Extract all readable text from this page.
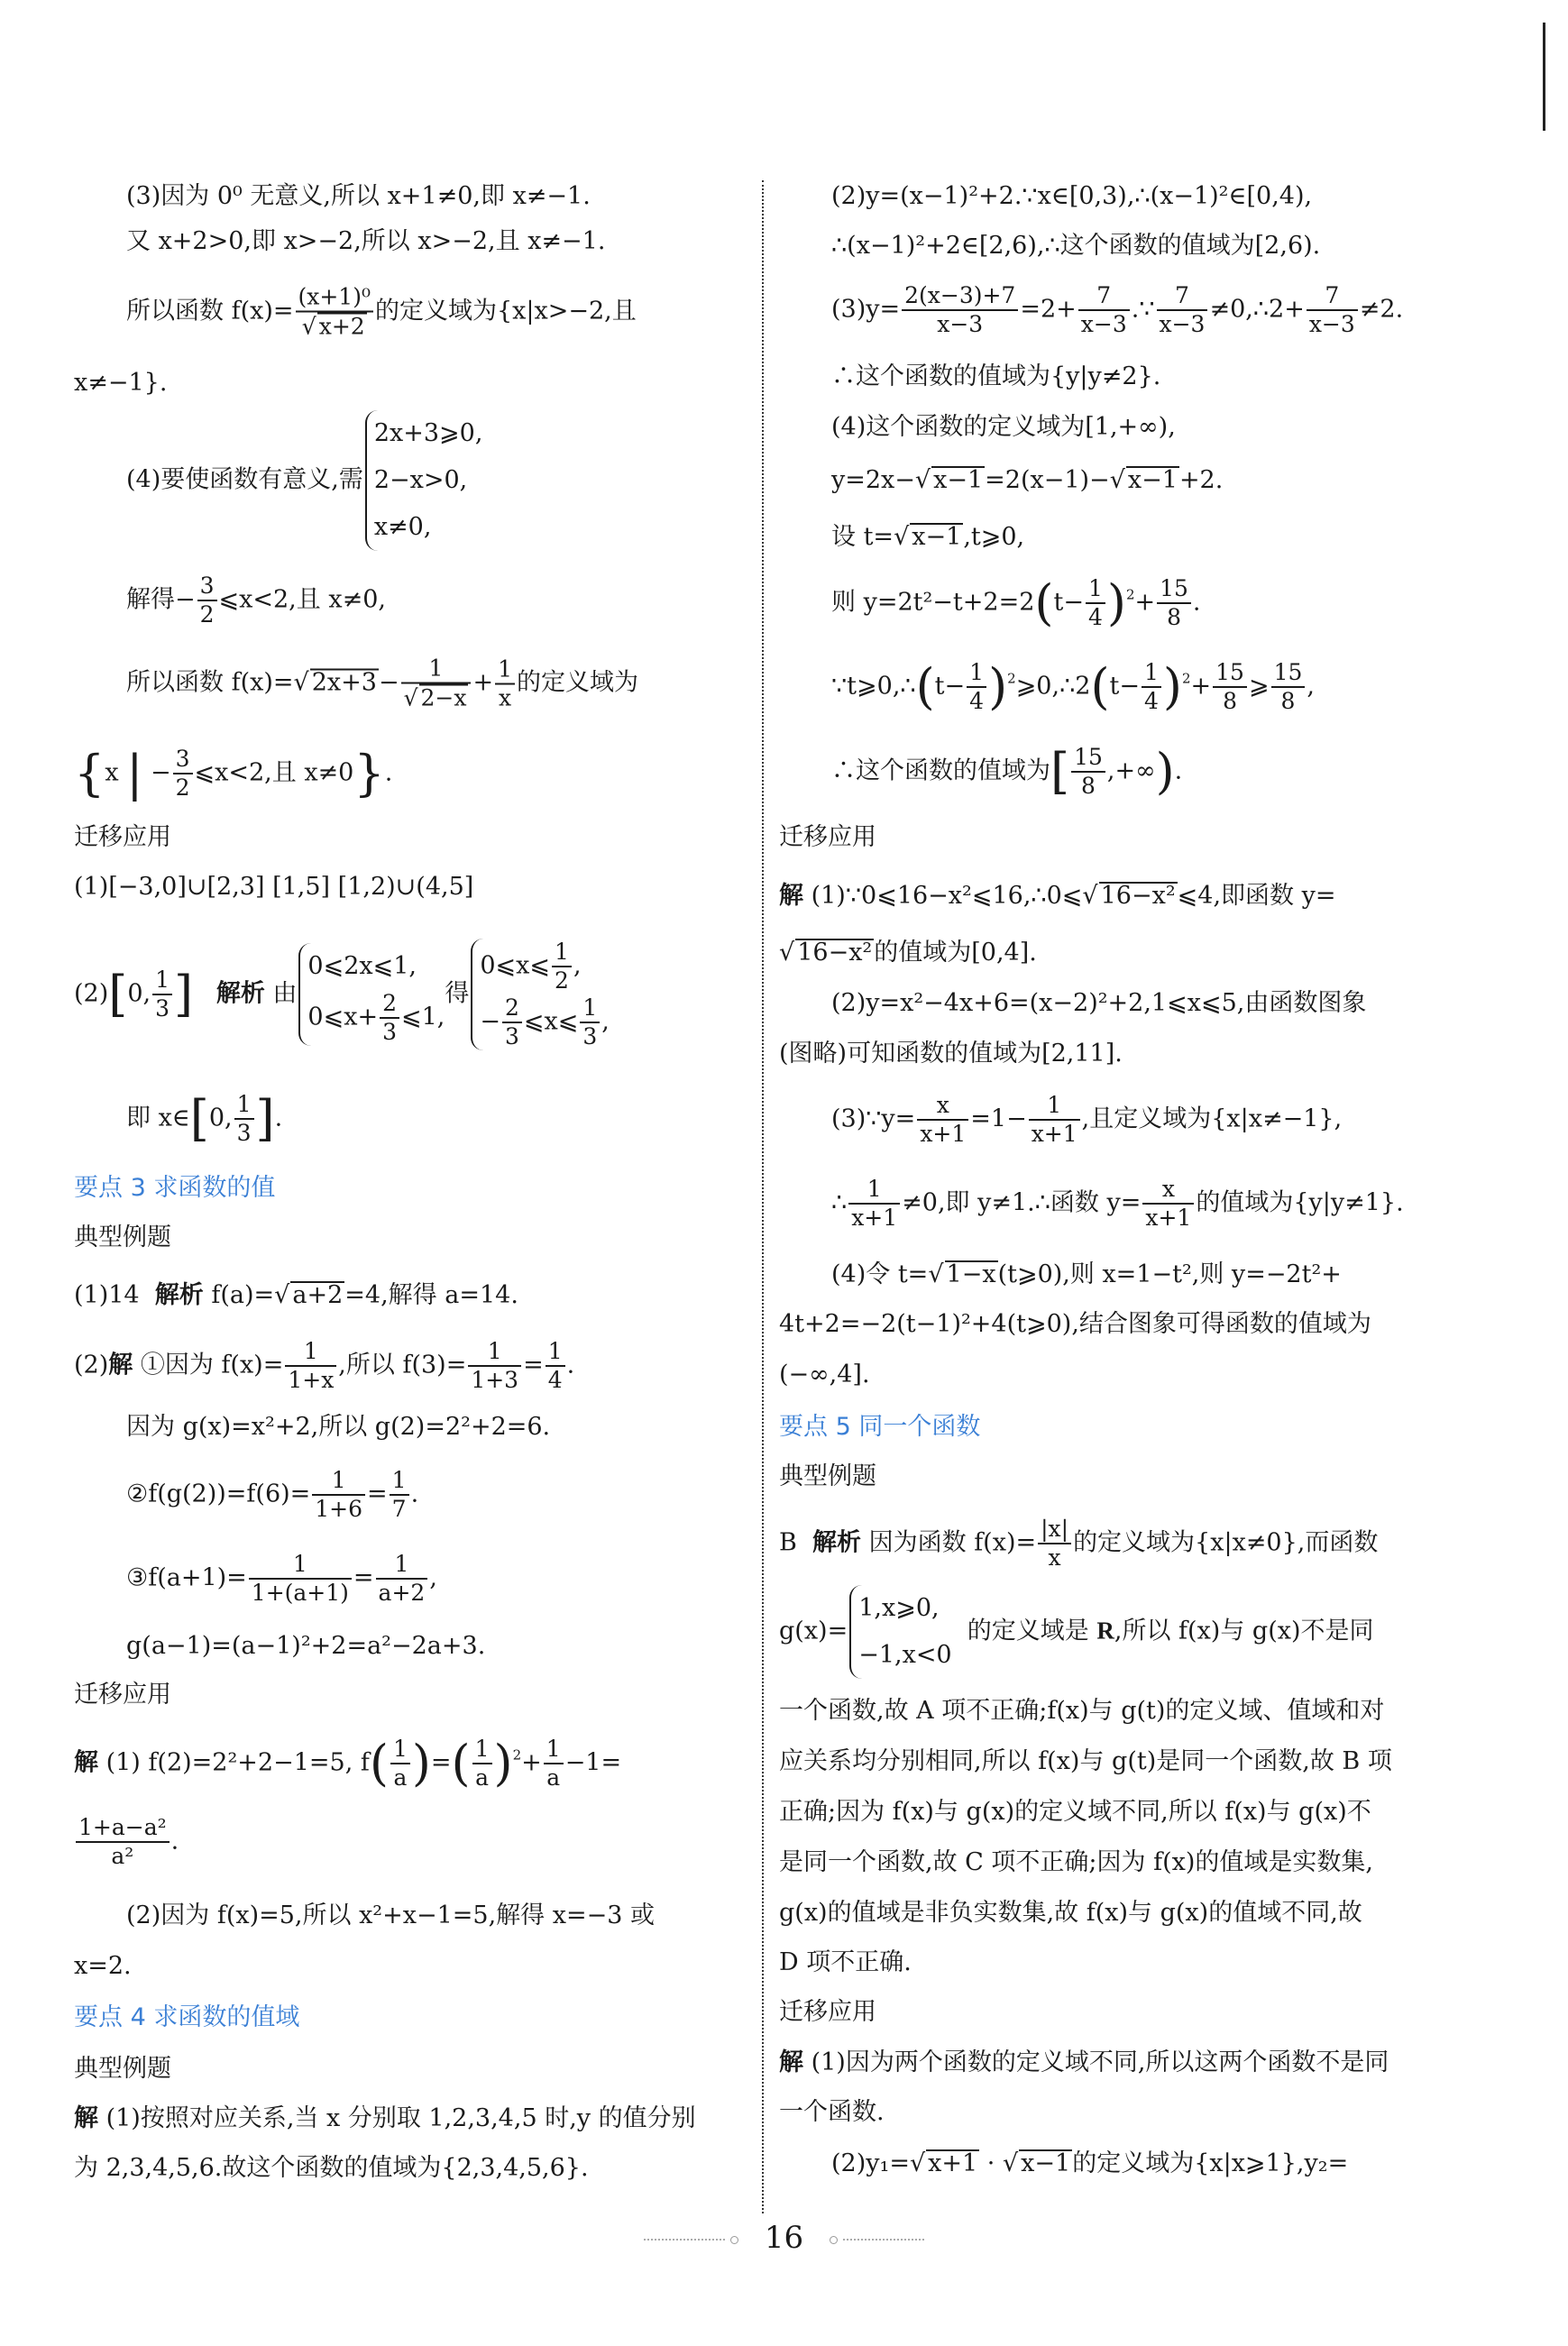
(3)因为 0⁰ 无意义,所以 x+1≠0,即 x≠−1.
又 x+2>0,即 x>−2,所以 x>−2,且 x≠−1.
所以函数 $f(x)= \frac{\text{(x+1)⁰}}{√ x+2}$ 的定义域为{x|x>−2,且
x≠−1}.
(4)要使函数有意义,需
2x+3⩾0,
2−x>0,
x≠0,
解得− $\frac{3}{2}$ ⩽x<2,且 x≠0,
所以函数 f(x)=√ $2x+3- \frac{1}{√ 2-x} + \frac{1}{x}$ 的定义域为
{x | − $\frac{3}{2}$ ⩽x<2,且 x≠0}.
迁移应用
(1)[−3,0]∪[2,3] [1,5] [1,2)∪(4,5]
(2)[0, $\frac{1}{3}$ ] 解析 由
0⩽2x⩽1,
0⩽x+ $\frac{2}{3}$ ⩽1,
得
0⩽x⩽ $\frac{1}{2}$ ,
− $\frac{2}{3}$ ⩽x⩽ $\frac{1}{3}$ ,
即 x∈[0, $\frac{1}{3}$ ].
要点 3 求函数的值
典型例题
(1)14 解析 f(a)=√ a+2=4,解得 a=14.
(2)解 ①因为 $f(x)= \frac{1}{1+x}$ ,所以 $f(3)= \frac{1}{1+3} = \frac{1}{4}$ .
因为 g(x)=x²+2,所以 g(2)=2²+2=6.
②f(g(2))=f(6)= $\frac{1}{1+6} = \frac{1}{7}$ .
③f(a+1)= $\frac{1}{1+(a+1)} = \frac{1}{a+2}$ ,
g(a−1)=(a−1)²+2=a²−2a+3.
迁移应用
解 (1) f(2)=2²+2−1=5, $f( \frac{1}{a}$ )=( $\frac{1}{a} )^2+ \frac{1}{a} -1=$
$\frac{\text{1+a−a²}}{\text{a²}}$ .
(2)因为 f(x)=5,所以 x²+x−1=5,解得 x=−3 或
x=2.
要点 4 求函数的值域
典型例题
解 (1)按照对应关系,当 x 分别取 1,2,3,4,5 时,y 的值分别
为 2,3,4,5,6.故这个函数的值域为{2,3,4,5,6}.
(2)y=(x−1)²+2.∵x∈[0,3),∴(x−1)²∈[0,4),
∴(x−1)²+2∈[2,6),∴这个函数的值域为[2,6).
$(3)y= \frac{2(x-3)+7}{x-3} =2+ \frac{7}{x-3}$ .∵ $\frac{7}{x-3}$ ≠0,∴2+ $\frac{7}{x-3} \ne 2$.
∴这个函数的值域为{y|y≠2}.
(4)这个函数的定义域为[1,+∞),
y=2x−√ x−1=2(x−1)−√ x−1+2.
设 t=√ x−1,t⩾0,
则 $y=2t^2-t+2=2(t- \frac{1}{4} )^2+ \frac{15}{8}$ .
∵t⩾0,∴(t− $\frac{1}{4}$ )$^2$⩾0,∴2(t− $\frac{1}{4} )^2+ \frac{15}{8}$ ⩾ $\frac{15}{8}$ ,
∴这个函数的值域为[ $\frac{15}{8}$ ,+∞).
迁移应用
解 (1)∵0⩽16−x²⩽16,∴0⩽√ 16−x²⩽4,即函数 y=
√ 16−x²的值域为[0,4].
(2)y=x²−4x+6=(x−2)²+2,1⩽x⩽5,由函数图象
(图略)可知函数的值域为[2,11].
(3)∵y= $\frac{x}{x+1} =1- \frac{1}{x+1}$ ,且定义域为{x|x≠−1},
∴ $\frac{1}{x+1} \ne 0$,即 y≠1.∴函数 $y= \frac{x}{x+1}$ 的值域为{y|y≠1}.
(4)令 t=√ 1−x(t⩾0),则 x=1−t²,则 y=−2t²+
4t+2=−2(t−1)²+4(t⩾0),结合图象可得函数的值域为
(−∞,4].
要点 5 同一个函数
典型例题
B 解析 因为函数 $f(x)= \frac{|x|}{x}$ 的定义域为{x|x≠0},而函数
g(x)=
1,x⩾0,
−1,x<0
的定义域是 R,所以 f(x)与 g(x)不是同
一个函数,故 A 项不正确;f(x)与 g(t)的定义域、值域和对
应关系均分别相同,所以 f(x)与 g(t)是同一个函数,故 B 项
正确;因为 f(x)与 g(x)的定义域不同,所以 f(x)与 g(x)不
是同一个函数,故 C 项不正确;因为 f(x)的值域是实数集,
g(x)的值域是非负实数集,故 f(x)与 g(x)的值域不同,故
D 项不正确.
迁移应用
解 (1)因为两个函数的定义域不同,所以这两个函数不是同
一个函数.
(2)y₁=√ x+1 · √ x−1的定义域为{x|x⩾1},y₂=
16
